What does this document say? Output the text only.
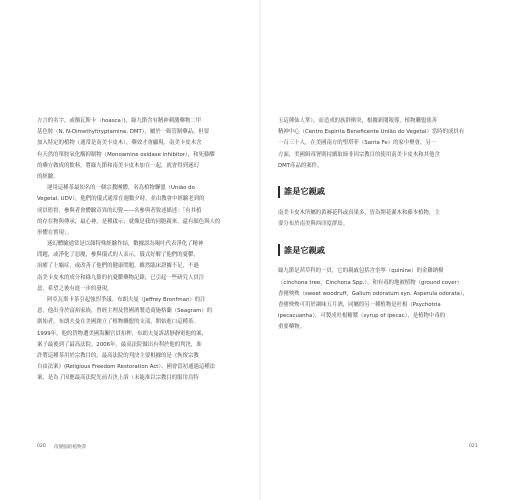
方言的名字，或稱瓦斯卡〔hoasca〕)，綠九節含有精神刺激藥物二甲
基色胺（N, N-Dimethyltryptamine, DMT），屬於一級管制藥品，但要
加入特定的植物（通常是南美卡皮木），藥效才會顯現。南美卡皮木含
有天然的單胺氧化酶抑制物（Monoamine oxidase inhibitor），和死藤醪
的藥方做成的飲料，將綠九節和南美卡皮木加在一起，就會得到迷幻
的經驗。
運用這種茶最知名的一個宗教團體，名為植物聯盟（União do
Vegetal, UDV），他們的儀式通常在週數夕時，並由教會中經驗老到的
成員監督，參與者會體驗奇異的幻覺——名參與者敘述描述：「有其植
的存在物與傳承，最心神，是種啟示；就像是我的同胞親來，還有顏色與人的
形體在實現」。
迷幻體驗通常是以顏特殊經驗作結，數據認為喝吐代表淨化了精神
問題，或淨化了惡魔，參與儀式的人表示，儀式好解了他們的憂鬱，
治癒了上癮症，或改善了他們的健康問題，雖然臨床證據不足，不過
南美卡皮木的成分和綠九節的抗憂鬱藥物記錄，已引起一些研究人員注
意，希望之後有進一步的發現。
阿亞瓦斯卡茶引起強烈爭議。布朗夫曼（Jeffrey Bronfman）的注
意，他出身於富裕家族，曾經主理及營國酒製造商施格蘭（Seagram）的
創始者，布朗夫曼在美國創立了植物聯盟的支部，開始進口這種茶。
1999年，他的貨物遭美國海關官員扣押，布朗夫曼訴諸靜靜電他的案，
案子最後到了最高法院。2006年，最高法院做出有利於他的判決，准
許將這種茶用於宗教目的，最高法院的判決主要根據的是《恢復宗教
自由法案》(Religious Freedom Restoration Act）、國會當初通過這種法
案，是為了因應最高法院先前否決上訴（未能准以宗教目的服用烏特
玉這種仙人掌），而造成的族群衝突，根據新聞報導，植物聯盟慈善
精神中心（Centro Espirita Beneficente União do Vegetal）當時的成員有
一百三十人，在美國南方的聖塔菲（Santa Fe）的家中聚會，另一
方面，美國緝毒署則持續取締非因宗教目的使用南美卡皮木和其他含
DMT產品的案件。
誰是它親戚
南美卡皮木所屬的黃褥花科或真果多，皆為開花灌木和藤本植物，主
要分布於南美與西印度群島。
誰是它親戚
綠九節是茜草科的一員，它的親戚包括含奎寧（quinine）的金雞納樹
（cinchona tree，Cinchona Spp.），和有毒的地被植物（ground cover）
香豬殃殃（sweet woodruff，Galium odoratum syn. Asperula odorata），
香豬殃殃可用於調味五月酒，同屬的另一種植物是吐根（Psychotria
ipecacuanha），可製成吐根糖漿（syrup of ipecac），是植物中毒的
重要藥物。
020 改變腦的植物書	021
